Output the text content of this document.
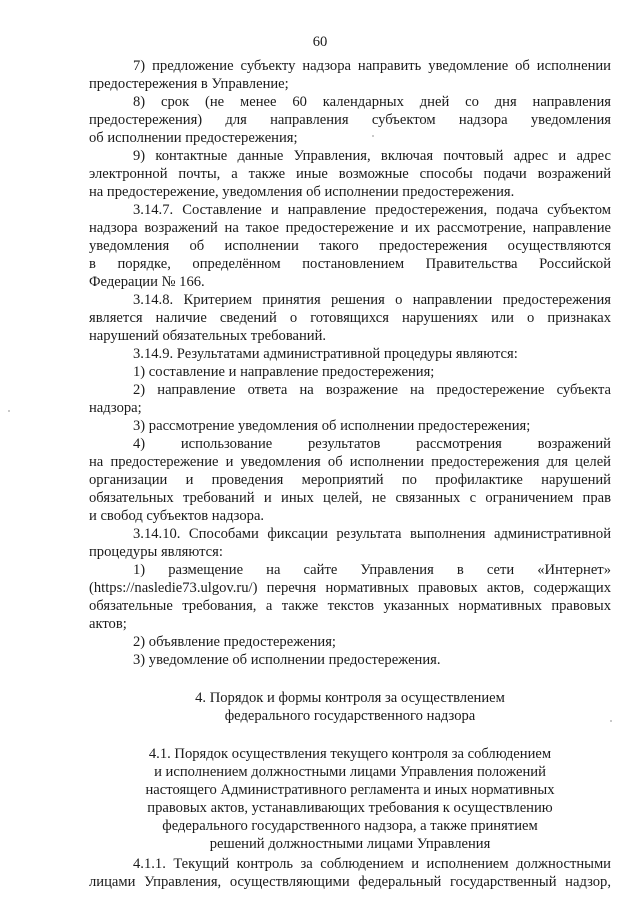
60
7) предложение субъекту надзора направить уведомление об исполнении
предостережения в Управление;
8) срок (не менее 60 календарных дней со дня направления
предостережения) для направления субъектом надзора уведомления
об исполнении предостережения;
9) контактные данные Управления, включая почтовый адрес и адрес
электронной почты, а также иные возможные способы подачи возражений
на предостережение, уведомления об исполнении предостережения.
3.14.7. Составление и направление предостережения, подача субъектом
надзора возражений на такое предостережение и их рассмотрение, направление
уведомления об исполнении такого предостережения осуществляются
в порядке, определённом постановлением Правительства Российской
Федерации № 166.
3.14.8. Критерием принятия решения о направлении предостережения
является наличие сведений о готовящихся нарушениях или о признаках
нарушений обязательных требований.
3.14.9. Результатами административной процедуры являются:
1) составление и направление предостережения;
2) направление ответа на возражение на предостережение субъекта
надзора;
3) рассмотрение уведомления об исполнении предостережения;
4) использование результатов рассмотрения возражений
на предостережение и уведомления об исполнении предостережения для целей
организации и проведения мероприятий по профилактике нарушений
обязательных требований и иных целей, не связанных с ограничением прав
и свобод субъектов надзора.
3.14.10. Способами фиксации результата выполнения административной
процедуры являются:
1) размещение на сайте Управления в сети «Интернет»
(https://nasledie73.ulgov.ru/) перечня нормативных правовых актов, содержащих
обязательные требования, а также текстов указанных нормативных правовых
актов;
2) объявление предостережения;
3) уведомление об исполнении предостережения.
4. Порядок и формы контроля за осуществлением
федерального государственного надзора
4.1. Порядок осуществления текущего контроля за соблюдением
и исполнением должностными лицами Управления положений
настоящего Административного регламента и иных нормативных
правовых актов, устанавливающих требования к осуществлению
федерального государственного надзора, а также принятием
решений должностными лицами Управления
4.1.1. Текущий контроль за соблюдением и исполнением должностными
лицами Управления, осуществляющими федеральный государственный надзор,
